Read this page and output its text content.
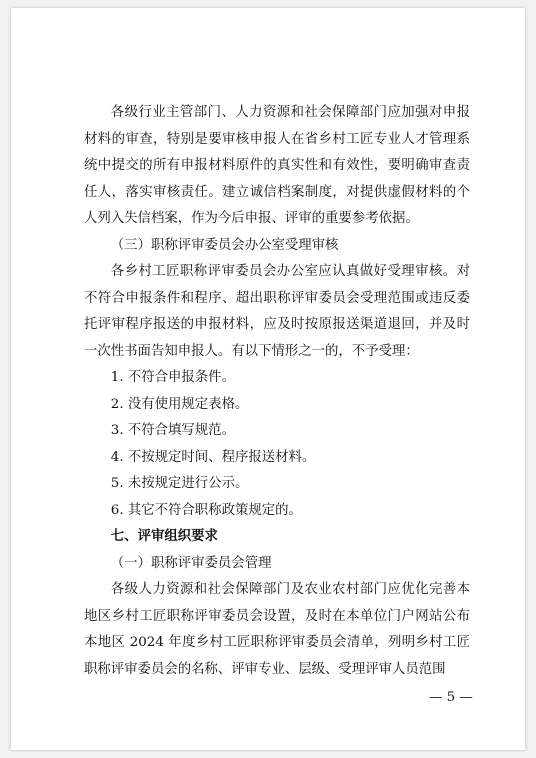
各级行业主管部门、人力资源和社会保障部门应加强对申报材料的审查，特别是要审核申报人在省乡村工匠专业人才管理系统中提交的所有申报材料原件的真实性和有效性，要明确审查责任人，落实审核责任。建立诚信档案制度，对提供虚假材料的个人列入失信档案，作为今后申报、评审的重要参考依据。

（三）职称评审委员会办公室受理审核

各乡村工匠职称评审委员会办公室应认真做好受理审核。对不符合申报条件和程序、超出职称评审委员会受理范围或违反委托评审程序报送的申报材料，应及时按原报送渠道退回，并及时一次性书面告知申报人。有以下情形之一的，不予受理：

1. 不符合申报条件。

2. 没有使用规定表格。

3. 不符合填写规范。

4. 不按规定时间、程序报送材料。

5. 未按规定进行公示。

6. 其它不符合职称政策规定的。

七、评审组织要求

（一）职称评审委员会管理

各级人力资源和社会保障部门及农业农村部门应优化完善本地区乡村工匠职称评审委员会设置，及时在本单位门户网站公布本地区 2024 年度乡村工匠职称评审委员会清单，列明乡村工匠职称评审委员会的名称、评审专业、层级、受理评审人员范围

— 5 —
